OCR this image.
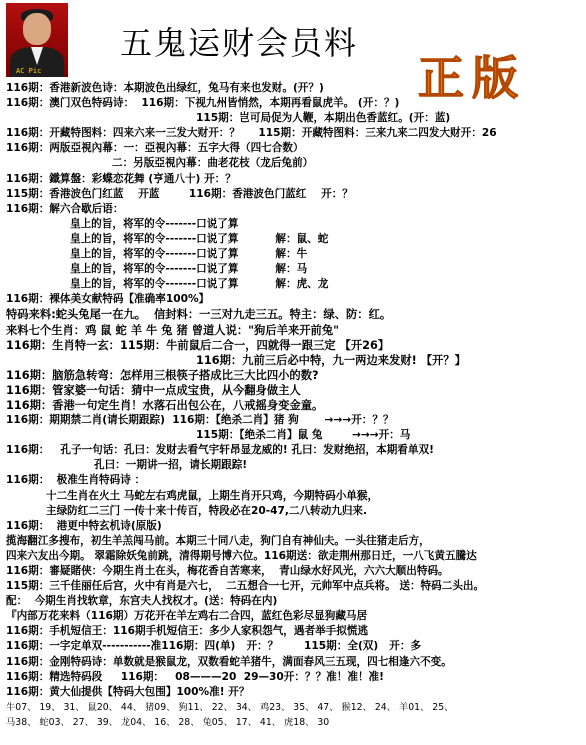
AC Pic
五鬼运财会员料
正版
116期：香港新波色诗：本期波色出绿红，兔马有来也发财。(开？)
116期：澳门双色特码诗：  116期：下视九州皆悄然，本期再看鼠虎羊。 (开：？)
115期：岂可局促为人鞭，本期出色香蓝红。(开：蓝)
116期：开藏特图料：四来六来一三发大财开：？     115期：开藏特图料：三来九来二四发大财开：26
116期：两版亞視內幕：一：亞視內幕：五字大得（四七合数）
二：另版亞視內幕：曲老花枝（龙后兔前）
116期：鐵算盤：彩蝶恋花舞 (亨通八十) 开：？
115期：香港波色门红蓝    开蓝        116期：香港波色门蓝红    开：？
116期：解六合歇后语：
皇上的旨，将军的令-------口说了算
皇上的旨，将军的令-------口说了算          解：鼠、蛇
皇上的旨，将军的令-------口说了算          解：牛
皇上的旨，将军的令-------口说了算          解：马
皇上的旨，将军的令-------口说了算          解：虎、龙
116期：裸体美女献特码【准确率100%】
特码来料:蛇头兔尾一在九。  信封料：一三对九走三五。特主：绿、防：红。
来料七个生肖：鸡 鼠 蛇 羊 牛 兔 猪 曾道人说："狗后羊来开前兔"
116期：生肖特一玄：115期：牛前鼠后二合一，四就得一跟三定 【开26】
116期：九前三后必中特，九一两边来发财! 【开？】
116期：脑筋急转弯：怎样用三根筷子搭成比三大比四小的数?
116期：管家婆一句话：猜中一点成宝贵，从今翻身做主人
116期：香港一句定生肖！水落石出包公在，八戒摇身变金童。
116期：期期禁二肖(请长期跟踪)  116期：【绝杀二肖】猪 狗       →→→开：？？
115期：【绝杀二肖】鼠 兔        →→→开：马
116期：   孔子一句话：孔曰：发财去看气宇轩昂显龙威的! 孔曰：发财绝招，本期看单双!
孔曰：一期讲一招，请长期跟踪!
116期：  极准生肖特码诗 ：
十二生肖在火土 马蛇左右鸡虎鼠，上期生肖开只鸡，今期特码小单猴，
主绿防红二三门 一传十来十传百，特段必在20-47,二八转动九归来.
116期：  港更中特玄机诗(原版)
揽海翻江多搜布，初生羊羔闯马前。本期三十同八走，狗门自有神仙夫。一头往猪走后方，
四来六友出今期。 翠霜除妖兔前跳，清得期号博六位。116期送：欲走荆州那日迁，一八飞黄五騰达
116期：審疑賭侠：今期生肖土在头，梅花香自苦寒来，  青山绿水好风光，六六大顺出特码。
115期：三千佳丽任后宫，火中有肖是六七，  二五想合一七开，元帅军中点兵将。 送：特码二头出。
配：  今期生肖找软章，东宫夫人找权才。(送：特码在内)
『内部万花来料（116期）万花开在羊左鸡右二合四，蓝红色彩尽显狗藏马居
116期：手机短信王：116期手机短信王：多少人家积怨气，遇者举手拟慌逃
116期：一字定单双-----------准116期：四(单)   开：？       115期：全(双)   开：多
116期：金刚特码诗：单数就是猴鼠龙，双数看蛇羊猪牛，满面春风三五现，四七相逢六不变。
116期：精选特码段     116期：   08———20  29—30开：？？准！准！准!
116期：黄大仙提供【特码大包围】100%准! 开？
牛07、 19、 31、 鼠20、 44、 猪09、 狗11、 22、 34、 鸡23、 35、 47、 猴12、 24、 羊01、 25、
马38、 蛇03、 27、 39、 龙04、 16、 28、 兔05、 17、 41、 虎18、 30
